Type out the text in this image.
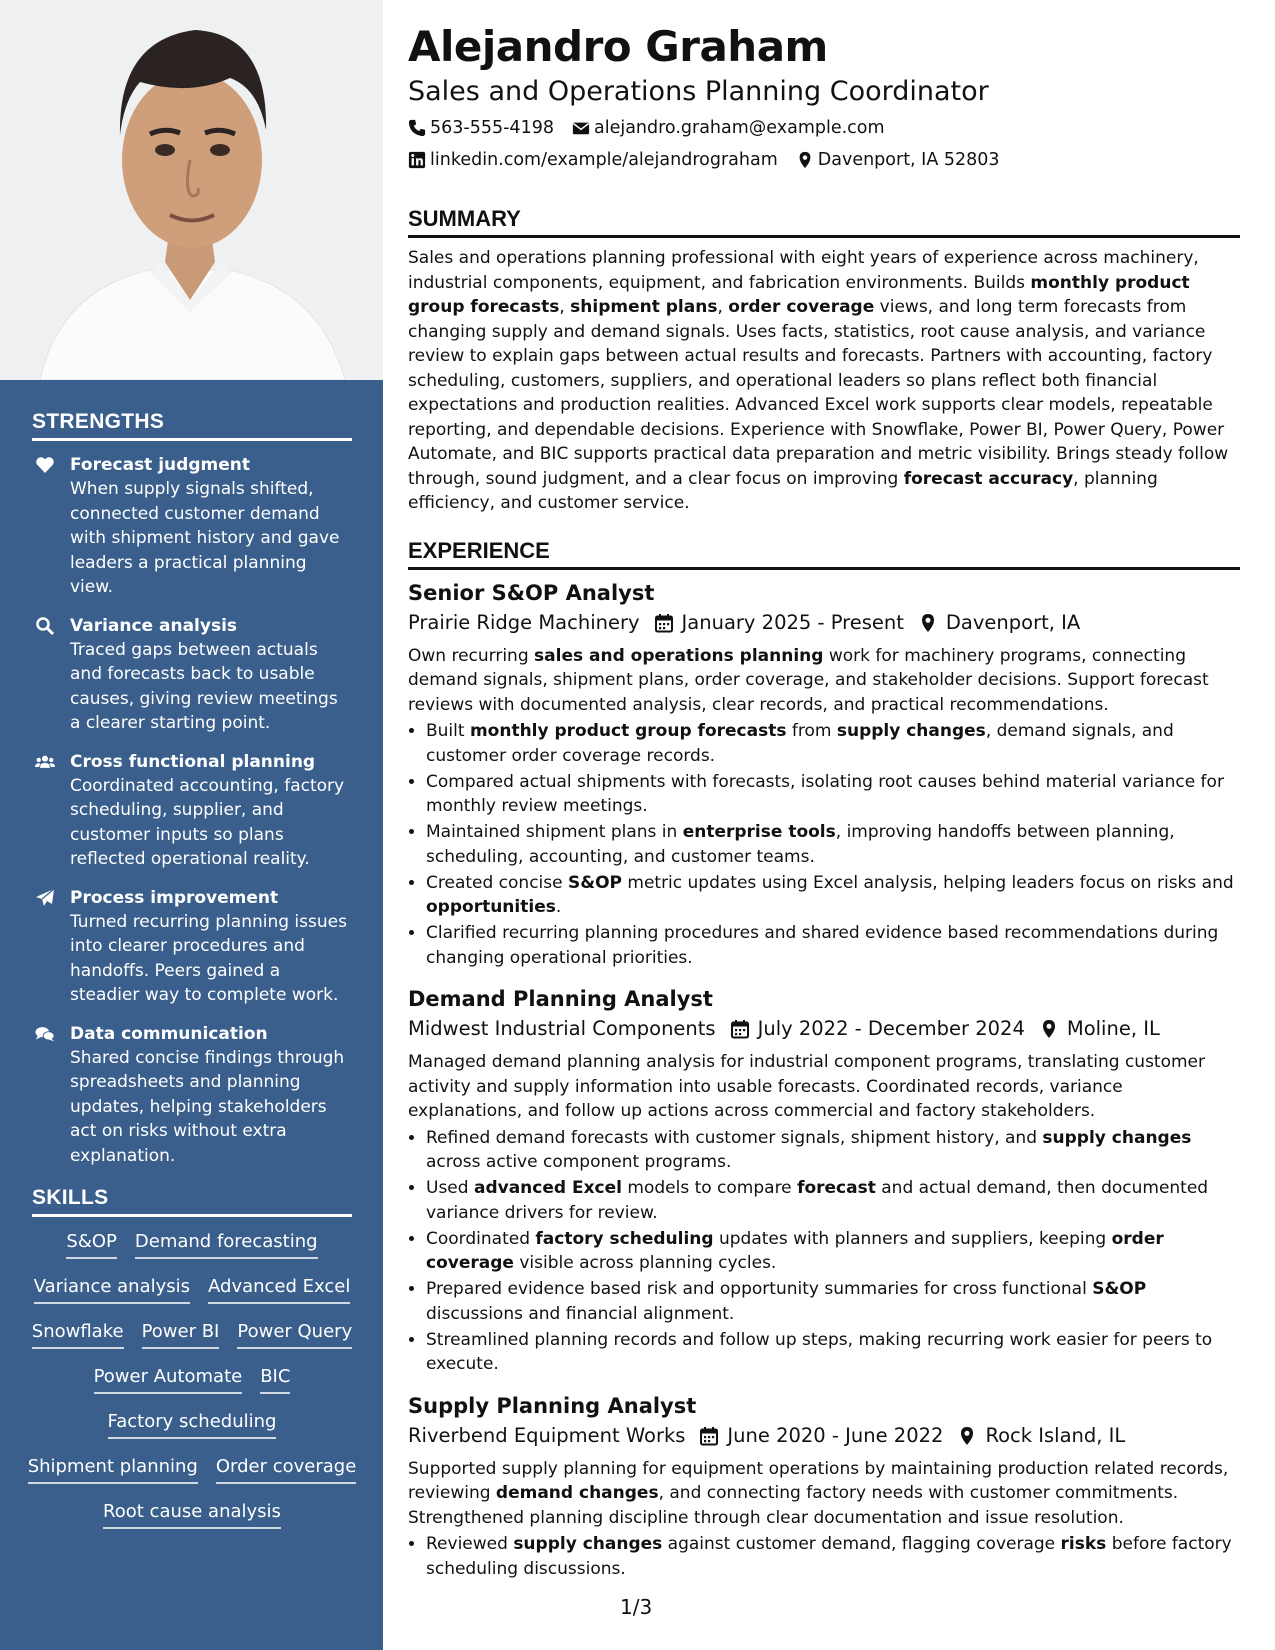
STRENGTHS
Forecast judgment
When supply signals shifted, connected customer demand with shipment history and gave leaders a practical planning view.
Variance analysis
Traced gaps between actuals and forecasts back to usable causes, giving review meetings a clearer starting point.
Cross functional planning
Coordinated accounting, factory scheduling, supplier, and customer inputs so plans reflected operational reality.
Process improvement
Turned recurring planning issues into clearer procedures and handoffs. Peers gained a steadier way to complete work.
Data communication
Shared concise findings through spreadsheets and planning updates, helping stakeholders act on risks without extra explanation.
SKILLS
S&OP Demand forecasting
Variance analysis Advanced Excel
Snowflake Power BI Power Query
Power Automate BIC
Factory scheduling
Shipment planning Order coverage
Root cause analysis
Alejandro Graham
Sales and Operations Planning Coordinator
563-555-4198 alejandro.graham@example.com
linkedin.com/example/alejandrograham Davenport, IA 52803
SUMMARY
Sales and operations planning professional with eight years of experience across machinery, industrial components, equipment, and fabrication environments. Builds monthly product group forecasts, shipment plans, order coverage views, and long term forecasts from changing supply and demand signals. Uses facts, statistics, root cause analysis, and variance review to explain gaps between actual results and forecasts. Partners with accounting, factory scheduling, customers, suppliers, and operational leaders so plans reflect both financial expectations and production realities. Advanced Excel work supports clear models, repeatable reporting, and dependable decisions. Experience with Snowflake, Power BI, Power Query, Power Automate, and BIC supports practical data preparation and metric visibility. Brings steady follow through, sound judgment, and a clear focus on improving forecast accuracy, planning efficiency, and customer service.
EXPERIENCE
Senior S&OP Analyst
Prairie Ridge Machinery January 2025 - Present Davenport, IA
Own recurring sales and operations planning work for machinery programs, connecting demand signals, shipment plans, order coverage, and stakeholder decisions. Support forecast reviews with documented analysis, clear records, and practical recommendations.
• Built monthly product group forecasts from supply changes, demand signals, and customer order coverage records.
• Compared actual shipments with forecasts, isolating root causes behind material variance for monthly review meetings.
• Maintained shipment plans in enterprise tools, improving handoffs between planning, scheduling, accounting, and customer teams.
• Created concise S&OP metric updates using Excel analysis, helping leaders focus on risks and opportunities.
• Clarified recurring planning procedures and shared evidence based recommendations during changing operational priorities.
Demand Planning Analyst
Midwest Industrial Components July 2022 - December 2024 Moline, IL
Managed demand planning analysis for industrial component programs, translating customer activity and supply information into usable forecasts. Coordinated records, variance explanations, and follow up actions across commercial and factory stakeholders.
• Refined demand forecasts with customer signals, shipment history, and supply changes across active component programs.
• Used advanced Excel models to compare forecast and actual demand, then documented variance drivers for review.
• Coordinated factory scheduling updates with planners and suppliers, keeping order coverage visible across planning cycles.
• Prepared evidence based risk and opportunity summaries for cross functional S&OP discussions and financial alignment.
• Streamlined planning records and follow up steps, making recurring work easier for peers to execute.
Supply Planning Analyst
Riverbend Equipment Works June 2020 - June 2022 Rock Island, IL
Supported supply planning for equipment operations by maintaining production related records, reviewing demand changes, and connecting factory needs with customer commitments. Strengthened planning discipline through clear documentation and issue resolution.
• Reviewed supply changes against customer demand, flagging coverage risks before factory scheduling discussions.
1/3
